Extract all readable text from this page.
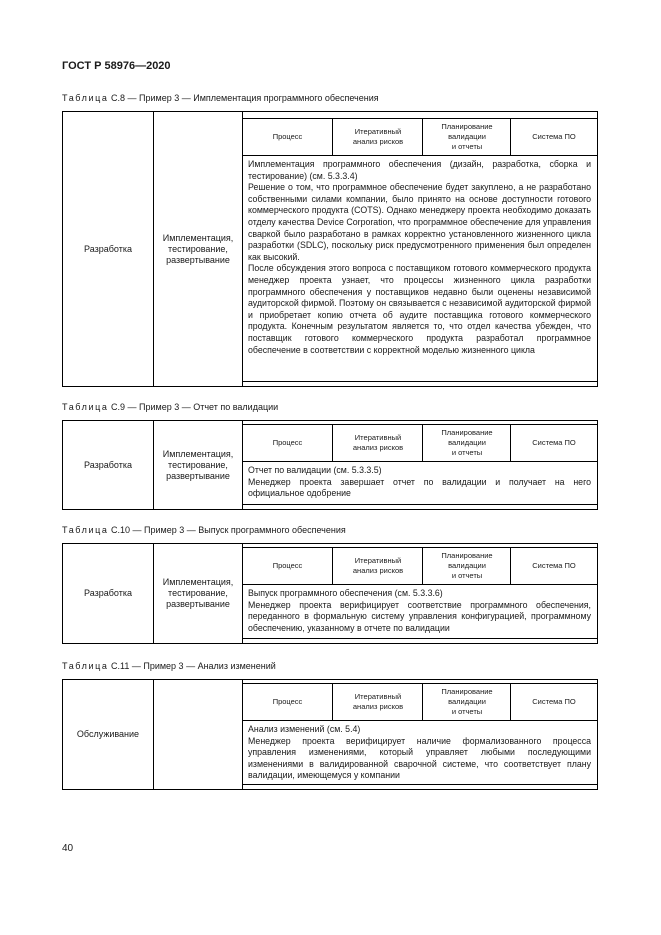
ГОСТ Р 58976—2020
Таблица С.8 — Пример 3 — Имплементация программного обеспечения
Разработка
Имплементация,
тестирование,
развертывание
Процесс
Итеративный
анализ рисков
Планирование
валидации
и отчеты
Система ПО

Имплементация программного обеспечения (дизайн, разработка, сборка и тестирование) (см. 5.3.3.4)

Решение о том, что программное обеспечение будет закуплено, а не разработано собственными силами компании, было принято на основе доступности готового коммерческого продукта (COTS). Однако менеджеру проекта необходимо доказать отделу качества Device Corporation, что программное обеспечение для управления сваркой было разработано в рамках корректно установленного жизненного цикла разработки (SDLC), поскольку риск предусмотренного применения был определен как высокий.

После обсуждения этого вопроса с поставщиком готового коммерческого продукта менеджер проекта узнает, что процессы жизненного цикла разработки программного обеспечения у поставщиков недавно были оценены независимой аудиторской фирмой. Поэтому он связывается с независимой аудиторской фирмой и приобретает копию отчета об аудите поставщика готового коммерческого продукта. Конечным результатом является то, что отдел качества убежден, что поставщик готового коммерческого продукта разработал программное обеспечение в соответствии с корректной моделью жизненного цикла

Таблица С.9 — Пример 3 — Отчет по валидации
Разработка
Имплементация,
тестирование,
развертывание
Процесс
Итеративный
анализ рисков
Планирование
валидации
и отчеты
Система ПО

Отчет по валидации (см. 5.3.3.5)

Менеджер проекта завершает отчет по валидации и получает на него официальное одобрение

Таблица С.10 — Пример 3 — Выпуск программного обеспечения
Разработка
Имплементация,
тестирование,
развертывание
Процесс
Итеративный
анализ рисков
Планирование
валидации
и отчеты
Система ПО

Выпуск программного обеспечения (см. 5.3.3.6)

Менеджер проекта верифицирует соответствие программного обеспечения, переданного в формальную систему управления конфигурацией, программному обеспечению, указанному в отчете по валидации

Таблица С.11 — Пример 3 — Анализ изменений
Обслуживание
Процесс
Итеративный
анализ рисков
Планирование
валидации
и отчеты
Система ПО

Анализ изменений (см. 5.4)

Менеджер проекта верифицирует наличие формализованного процесса управления изменениями, который управляет любыми последующими изменениями в валидированной сварочной системе, что соответствует плану валидации, имеющемуся у компании

40
